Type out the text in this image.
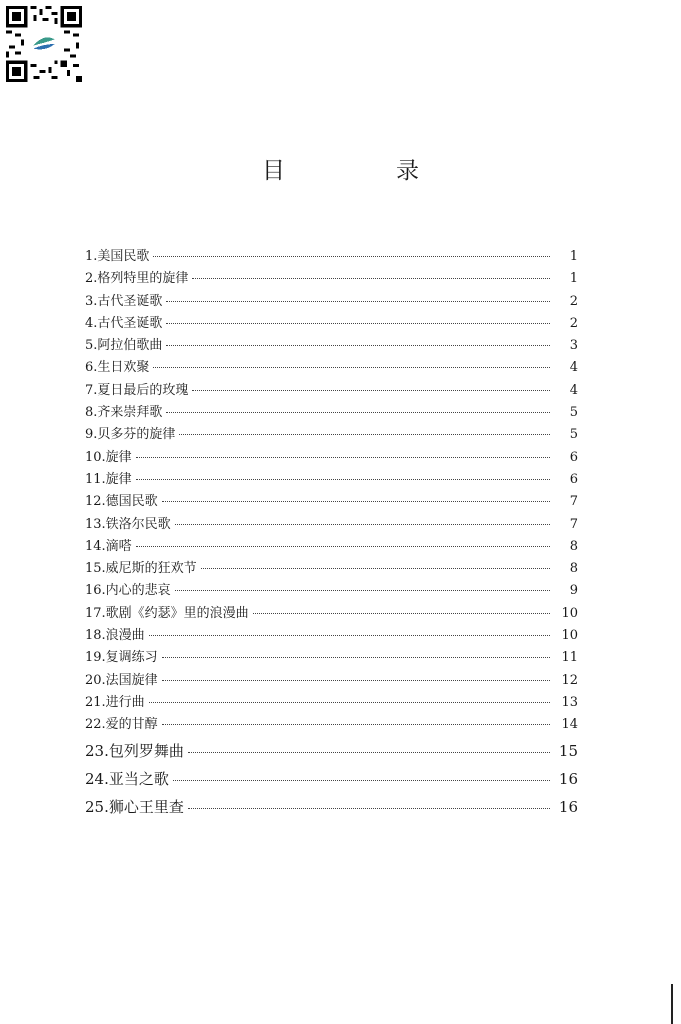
目　录
1.美国民歌	1
2.格列特里的旋律	1
3.古代圣诞歌	2
4.古代圣诞歌	2
5.阿拉伯歌曲	3
6.生日欢聚	4
7.夏日最后的玫瑰	4
8.齐来崇拜歌	5
9.贝多芬的旋律	5
10.旋律	6
11.旋律	6
12.德国民歌	7
13.铁洛尔民歌	7
14.滴嗒	8
15.威尼斯的狂欢节	8
16.内心的悲哀	9
17.歌剧《约瑟》里的浪漫曲	10
18.浪漫曲	10
19.复调练习	11
20.法国旋律	12
21.进行曲	13
22.爱的甘醇	14
23.包列罗舞曲	15
24.亚当之歌	16
25.狮心王里查	16
